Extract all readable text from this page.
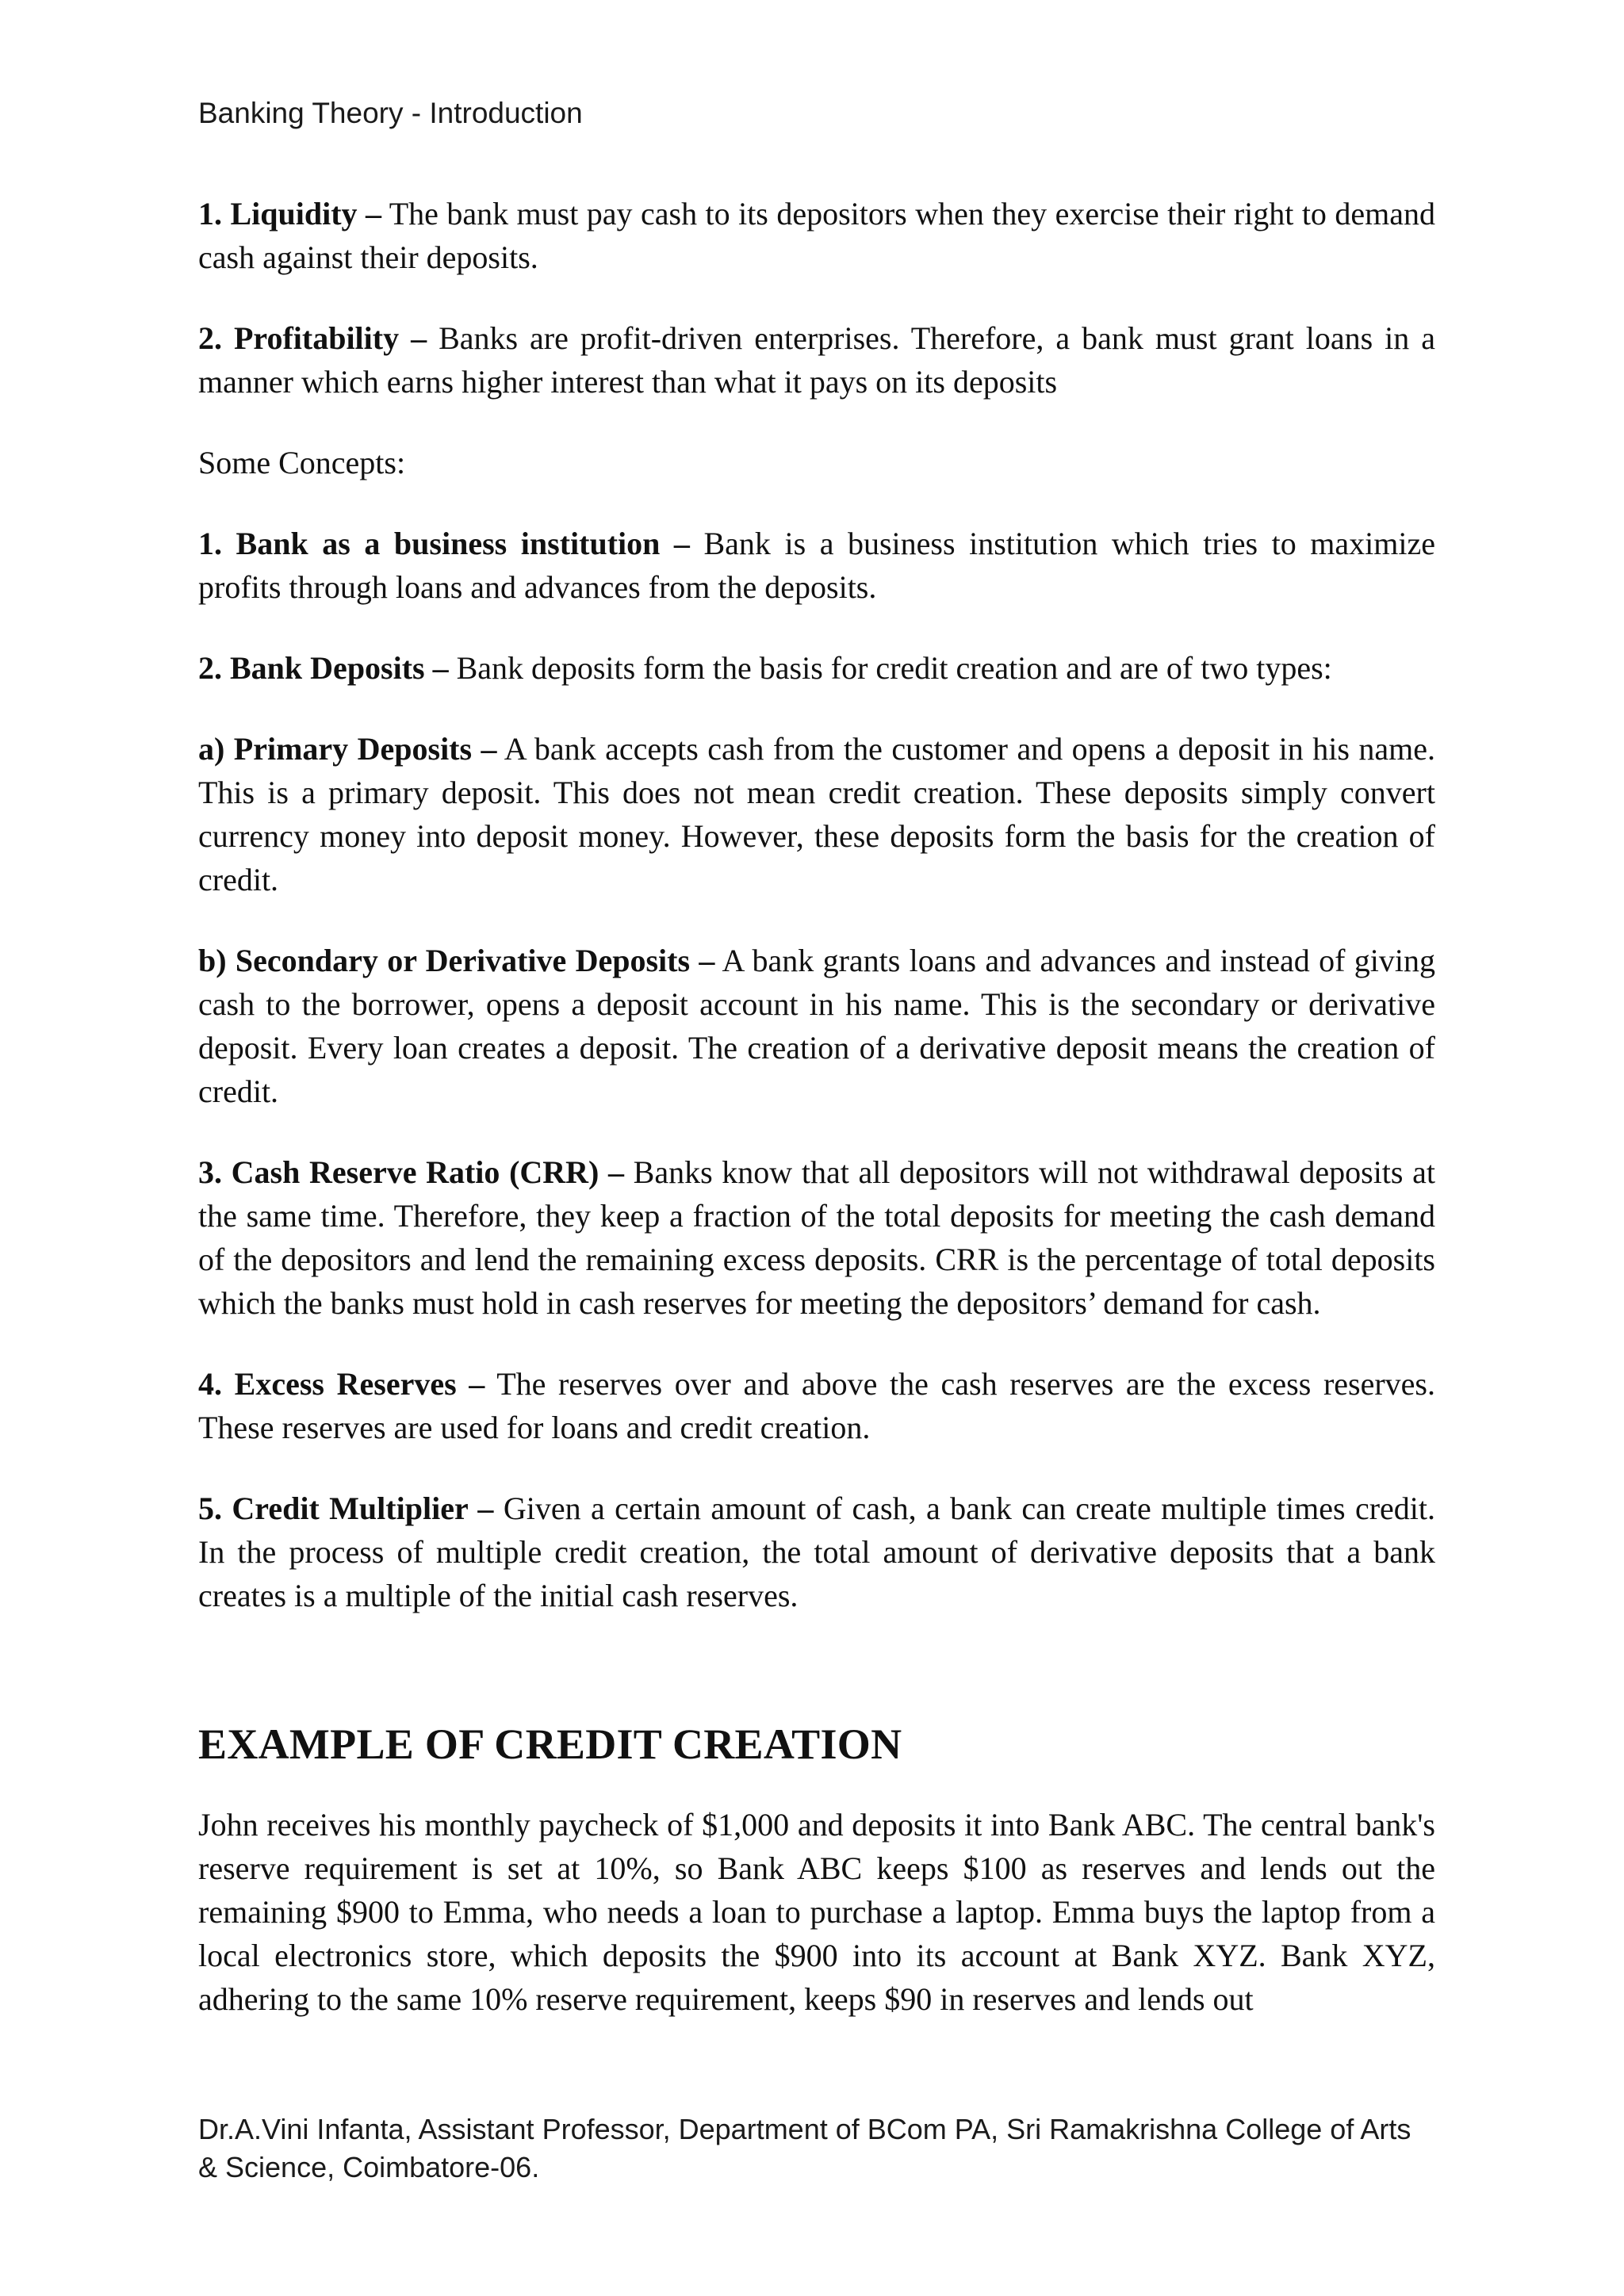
Banking Theory - Introduction

1. Liquidity – The bank must pay cash to its depositors when they exercise their right to demand cash against their deposits.

2. Profitability – Banks are profit-driven enterprises. Therefore, a bank must grant loans in a manner which earns higher interest than what it pays on its deposits

Some Concepts:

1. Bank as a business institution – Bank is a business institution which tries to maximize profits through loans and advances from the deposits.

2. Bank Deposits – Bank deposits form the basis for credit creation and are of two types:

a) Primary Deposits – A bank accepts cash from the customer and opens a deposit in his name. This is a primary deposit. This does not mean credit creation. These deposits simply convert currency money into deposit money. However, these deposits form the basis for the creation of credit.

b) Secondary or Derivative Deposits – A bank grants loans and advances and instead of giving cash to the borrower, opens a deposit account in his name. This is the secondary or derivative deposit. Every loan creates a deposit. The creation of a derivative deposit means the creation of credit.

3. Cash Reserve Ratio (CRR) – Banks know that all depositors will not withdrawal deposits at the same time. Therefore, they keep a fraction of the total deposits for meeting the cash demand of the depositors and lend the remaining excess deposits. CRR is the percentage of total deposits which the banks must hold in cash reserves for meeting the depositors’ demand for cash.

4. Excess Reserves – The reserves over and above the cash reserves are the excess reserves. These reserves are used for loans and credit creation.

5. Credit Multiplier – Given a certain amount of cash, a bank can create multiple times credit. In the process of multiple credit creation, the total amount of derivative deposits that a bank creates is a multiple of the initial cash reserves.

EXAMPLE OF CREDIT CREATION

John receives his monthly paycheck of $1,000 and deposits it into Bank ABC. The central bank's reserve requirement is set at 10%, so Bank ABC keeps $100 as reserves and lends out the remaining $900 to Emma, who needs a loan to purchase a laptop. Emma buys the laptop from a local electronics store, which deposits the $900 into its account at Bank XYZ. Bank XYZ, adhering to the same 10% reserve requirement, keeps $90 in reserves and lends out

Dr.A.Vini Infanta, Assistant Professor, Department of BCom PA, Sri Ramakrishna College of Arts & Science, Coimbatore-06.
